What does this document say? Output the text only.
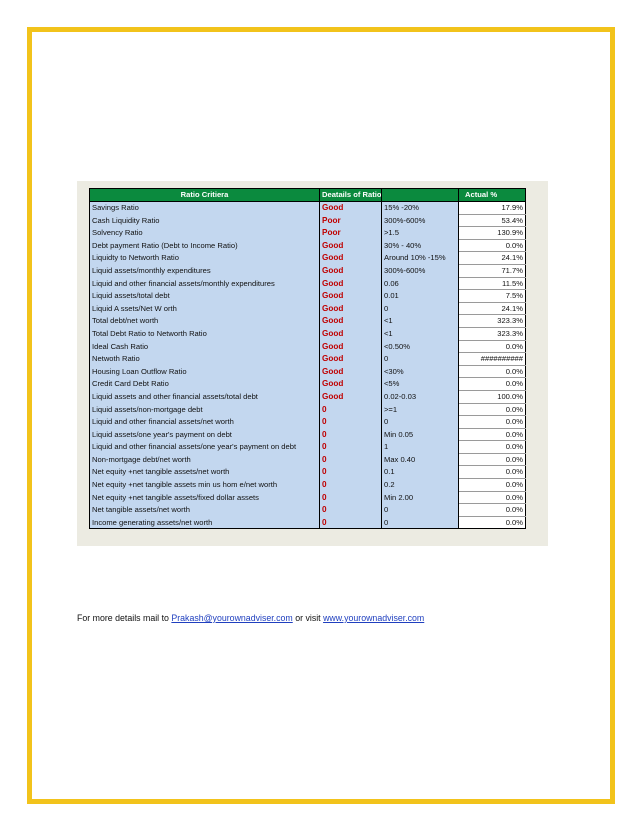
Ratio Critiera	Deatails of Ratio		Actual %
Savings Ratio	Good	15% -20%	17.9%
Cash Liquidity Ratio	Poor	300%-600%	53.4%
Solvency Ratio	Poor	>1.5	130.9%
Debt payment Ratio (Debt to Income Ratio)	Good	30% - 40%	0.0%
Liquidty to Networth Ratio	Good	Around 10% -15%	24.1%
Liquid assets/monthly expenditures	Good	300%-600%	71.7%
Liquid and other financial assets/monthly expenditures	Good	0.06	11.5%
Liquid assets/total debt	Good	0.01	7.5%
Liquid A ssets/Net W orth	Good	0	24.1%
Total debt/net worth	Good	<1	323.3%
Total Debt Ratio to Networth Ratio	Good	<1	323.3%
Ideal Cash Ratio	Good	<0.50%	0.0%
Netwoth Ratio	Good	0	##########
Housing Loan Outflow Ratio	Good	<30%	0.0%
Credit Card Debt Ratio	Good	<5%	0.0%
Liquid assets and other financial assets/total debt	Good	0.02-0.03	100.0%
Liquid assets/non-mortgage debt	0	>=1	0.0%
Liquid and other financial assets/net worth	0	0	0.0%
Liquid assets/one year's payment on debt	0	Min 0.05	0.0%
Liquid and other financial assets/one year's payment on debt	0	1	0.0%
Non-mortgage debt/net worth	0	Max 0.40	0.0%
Net equity +net tangible assets/net worth	0	0.1	0.0%
Net equity +net tangible assets min us hom e/net worth	0	0.2	0.0%
Net equity +net tangible assets/fixed dollar assets	0	Min 2.00	0.0%
Net tangible assets/net worth	0	0	0.0%
Income generating assets/net worth	0	0	0.0%
For more details mail to Prakash@yourownadviser.com or visit www.yourownadviser.com
